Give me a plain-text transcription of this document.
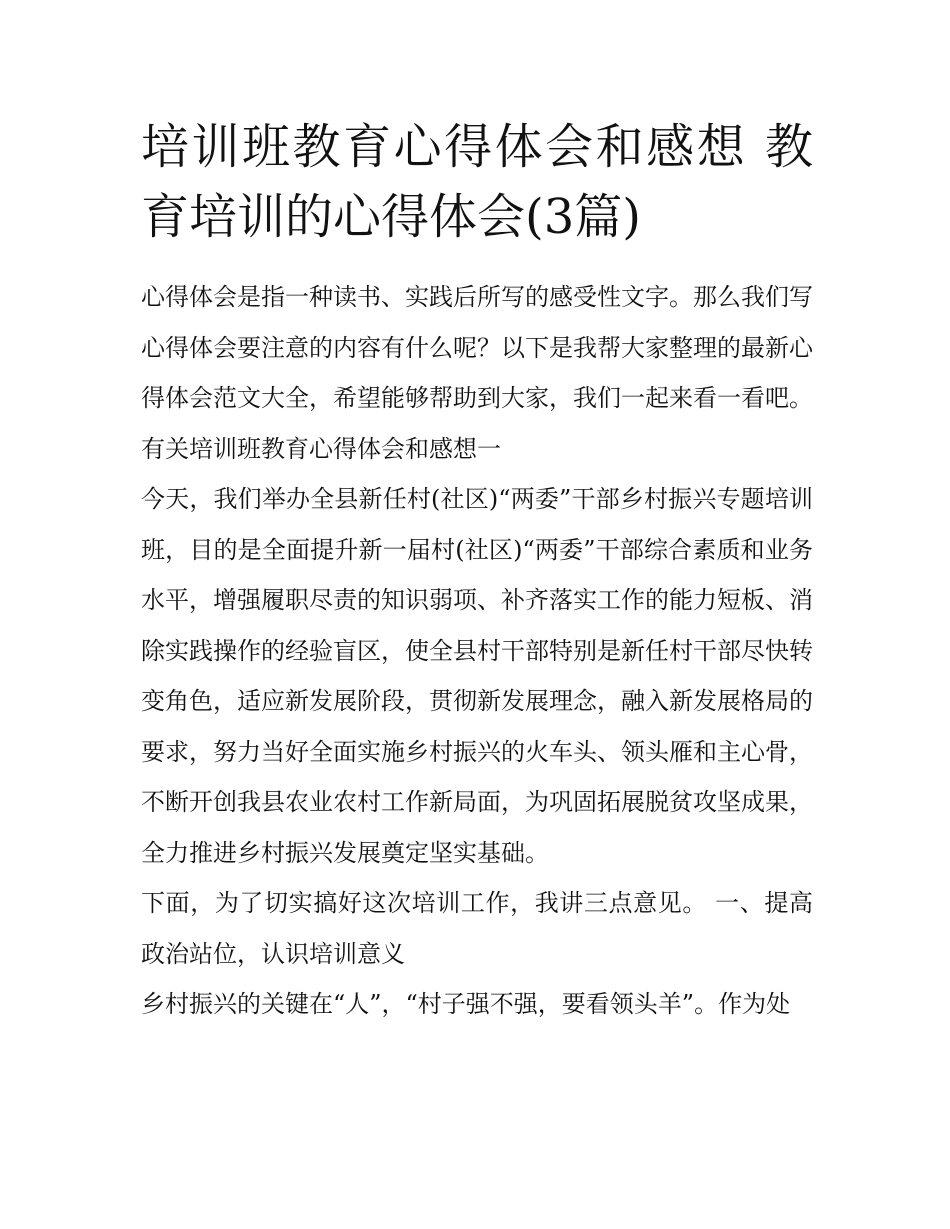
培训班教育心得体会和感想 教育培训的心得体会(3篇)

心得体会是指一种读书、实践后所写的感受性文字。那么我们写心得体会要注意的内容有什么呢？以下是我帮大家整理的最新心得体会范文大全，希望能够帮助到大家，我们一起来看一看吧。

有关培训班教育心得体会和感想一

今天，我们举办全县新任村(社区)“两委”干部乡村振兴专题培训班，目的是全面提升新一届村(社区)“两委”干部综合素质和业务水平，增强履职尽责的知识弱项、补齐落实工作的能力短板、消除实践操作的经验盲区，使全县村干部特别是新任村干部尽快转变角色，适应新发展阶段，贯彻新发展理念，融入新发展格局的要求，努力当好全面实施乡村振兴的火车头、领头雁和主心骨，不断开创我县农业农村工作新局面，为巩固拓展脱贫攻坚成果，全力推进乡村振兴发展奠定坚实基础。

下面，为了切实搞好这次培训工作，我讲三点意见。 一、提高政治站位，认识培训意义

乡村振兴的关键在“人”，“村子强不强，要看领头羊”。作为处
